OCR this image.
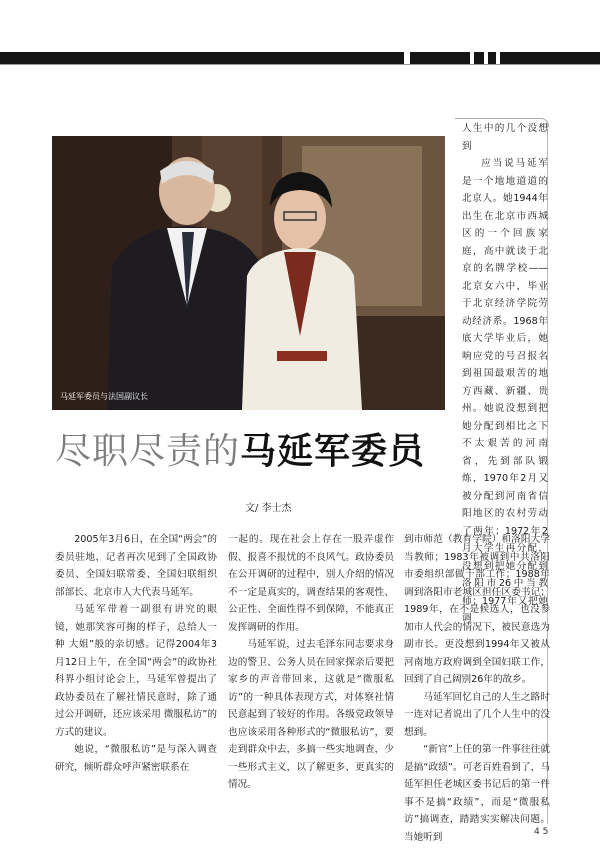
马延军委员与法国副议长
尽职尽责的马延军委员
文/ 李士杰

2005年3月6日，在全国“两会”的委员驻地，记者再次见到了全国政协委员、全国妇联常委、全国妇联组织部部长、北京市人大代表马延军。

马延军带着一副很有讲究的眼镜，她那笑容可掬的样子，总给人一种 大姐”般的亲切感。记得2004年3月12日上午，在全国“两会”的政协社科界小组讨论会上，马延军曾提出了政协委员在了解社情民意时，除了通过公开调研，还应该采用 微服私访”的方式的建议。

她说，“微服私访”是与深入调查研究，倾听群众呼声紧密联系在

一起的。现在社会上存在一股弄虚作假、报喜不报忧的不良风气。政协委员在公开调研的过程中，别人介绍的情况不一定是真实的，调查结果的客观性、公正性、全面性得不到保障，不能真正发挥调研的作用。

马延军说，过去毛泽东同志要求身边的警卫、公务人员在回家探亲后要把家乡的声音带回来，这就是“微服私访”的一种具体表现方式，对体察社情民意起到了较好的作用。各级党政领导也应该采用各种形式的“微服私访”，要走到群众中去，多搞一些实地调查，少一些形式主义，以了解更多、更真实的情况。

人生中的几个没想到

应当说马延军是一个地地道道的北京人。她1944年出生在北京市西城区的一个回族家庭，高中就读于北京的名牌学校——北京女六中，毕业于北京经济学院劳动经济系。1968年底大学毕业后，她响应党的号召报名到祖国最艰苦的地方西藏、新疆、贵州。她说没想到把她分配到相比之下不太艰苦的河南省，先到部队锻炼，1970年2月又被分配到河南省信阳地区的农村劳动了两年；1972年2月大学生再分配，没想到把她分配到洛阳市26中当教师；1977年又把她调

到市师范（教育学院）和洛阳大学当教师；1983年被调到中共洛阳市委组织部做干部工作；1988年调到洛阳市老城区担任区委书记；1989年，在不是候选人，也没参加市人代会的情况下，被民意选为副市长。更没想到1994年又被从河南地方政府调到全国妇联工作，回到了自己阔别26年的故乡。

马延军回忆自己的人生之路时一连对记者说出了几个人生中的没想到。

“新官”上任的第一件事往往就是搞“政绩”。可老百姓看到了，马延军担任老城区委书记后的第一件事不是搞“政绩”，而是“微服私访”搞调查，踏踏实实解决问题。当她听到	4 5
